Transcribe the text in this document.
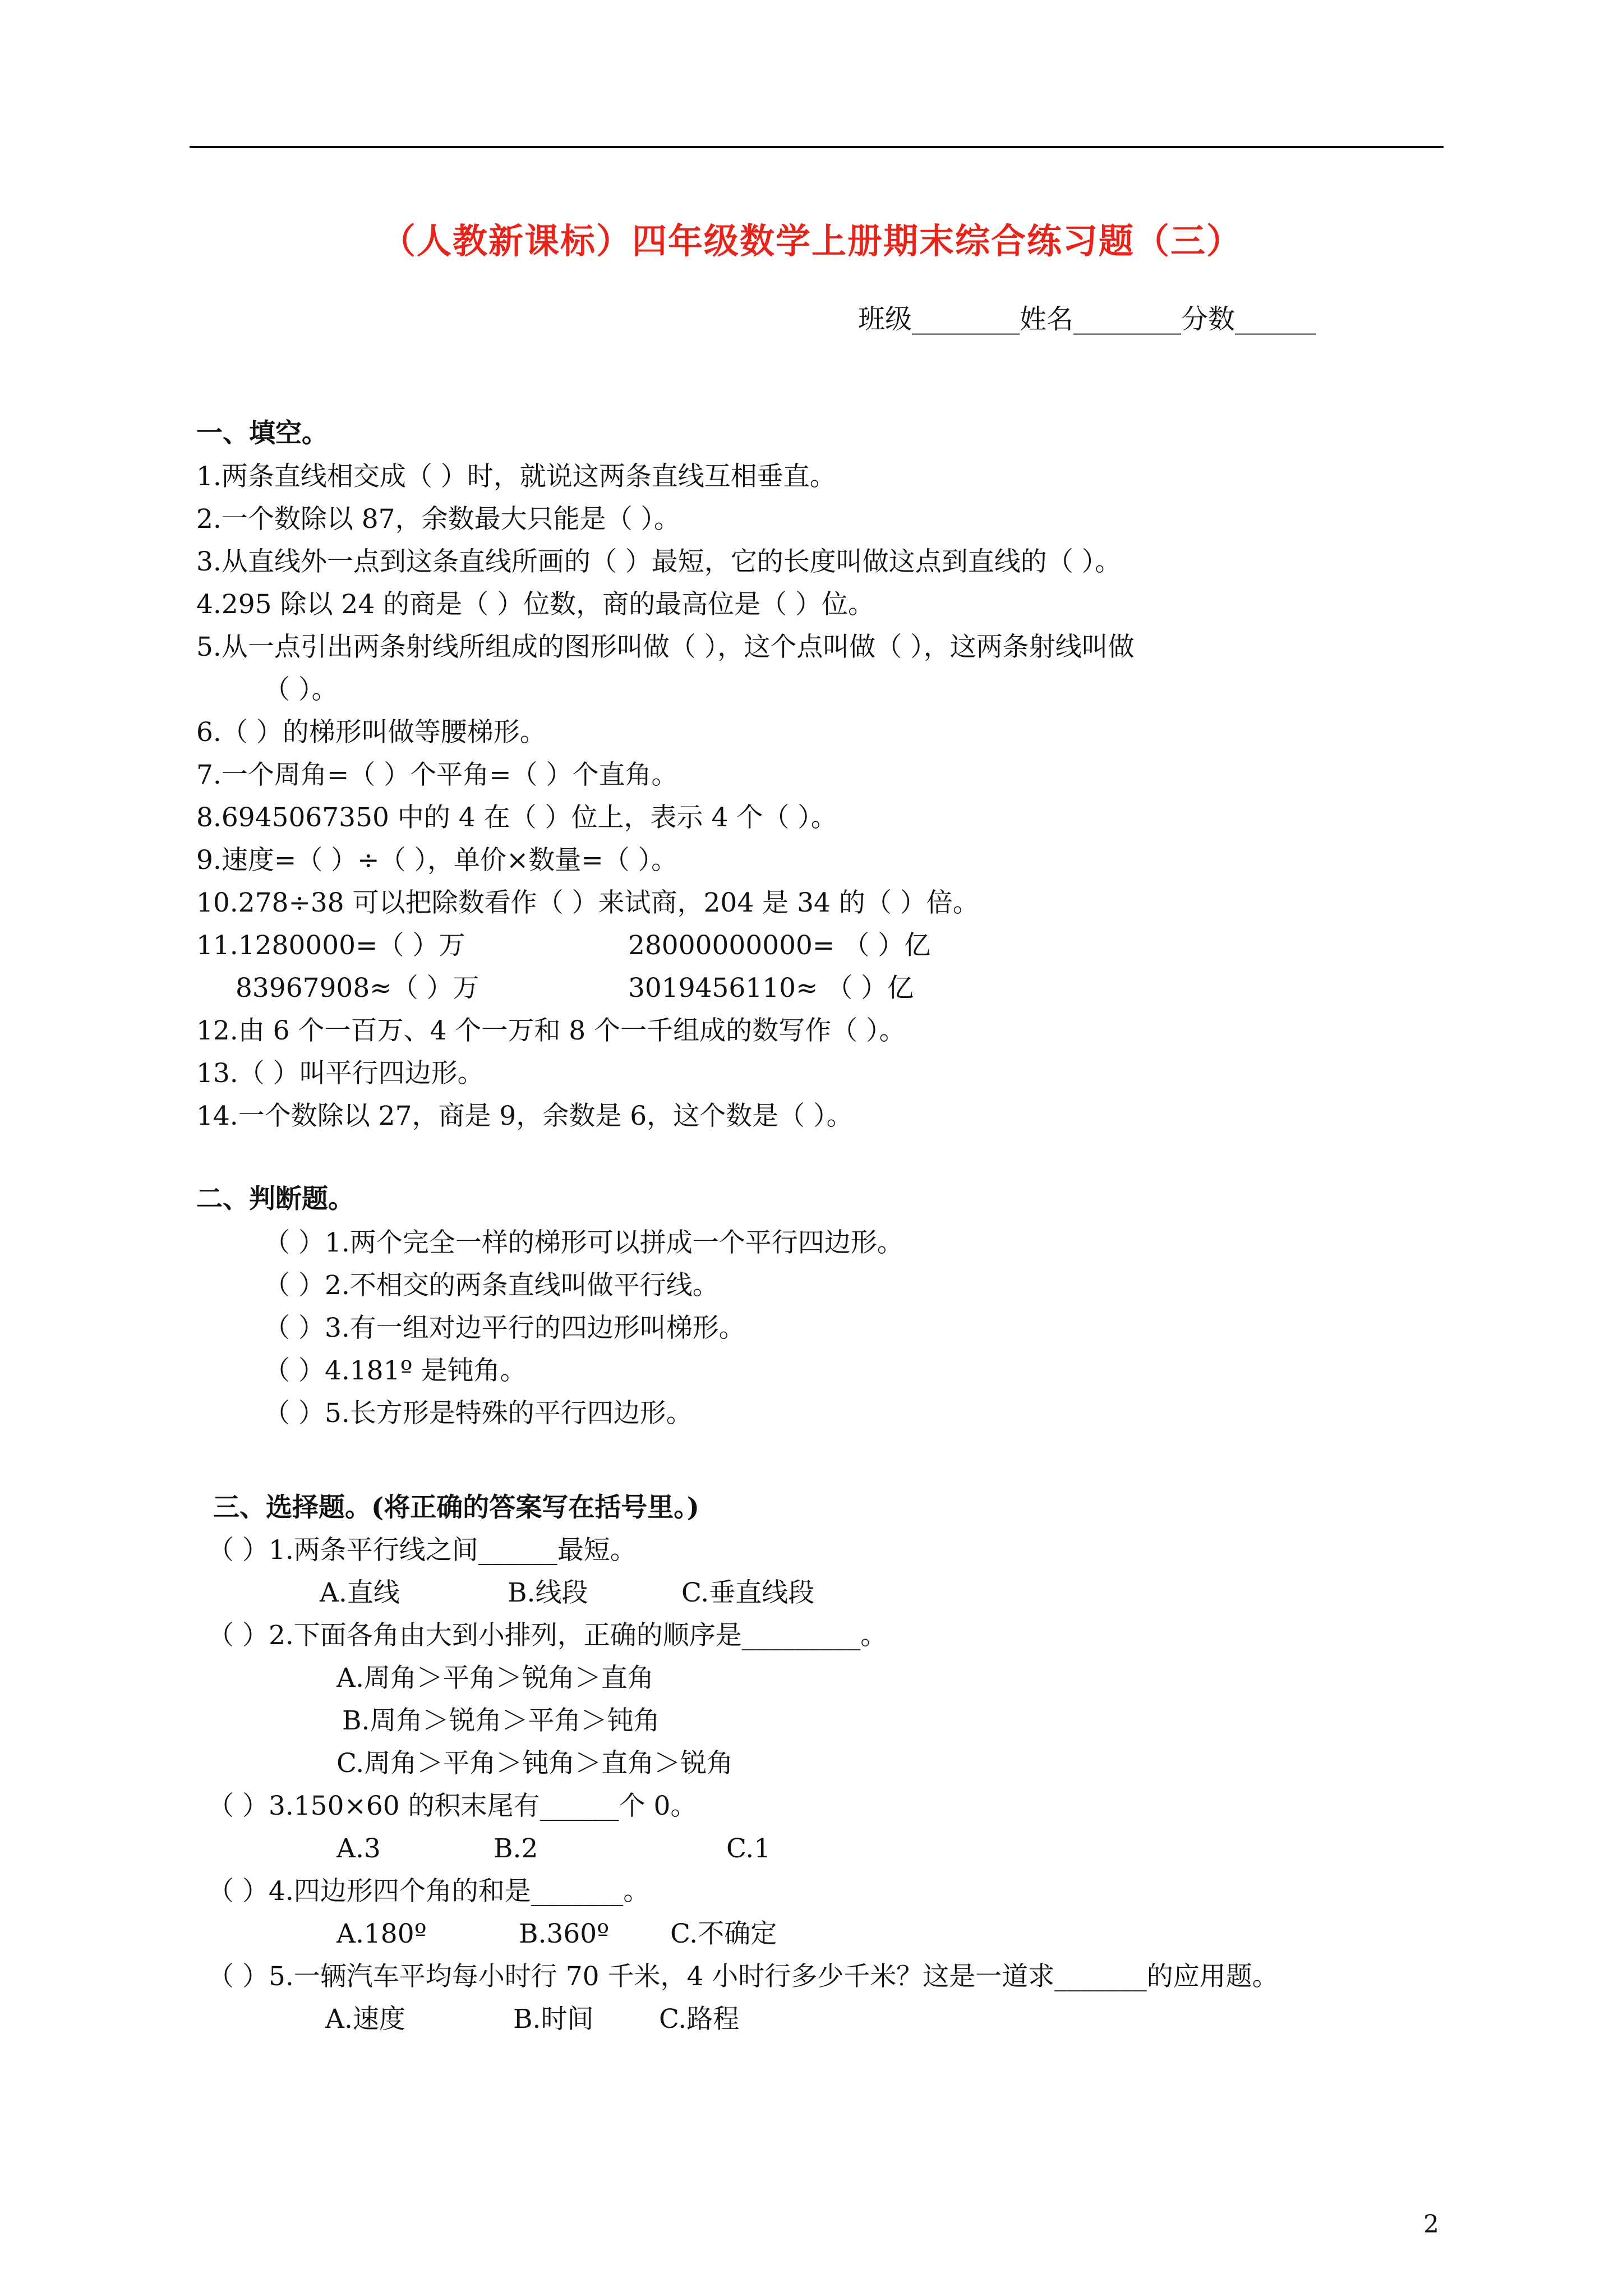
（人教新课标）四年级数学上册期末综合练习题（三）
班级________姓名________分数______
一、填空。
1.两条直线相交成（ ）时，就说这两条直线互相垂直。
2.一个数除以 87，余数最大只能是（ ）。
3.从直线外一点到这条直线所画的（ ）最短，它的长度叫做这点到直线的（ ）。
4.295 除以 24 的商是（ ）位数，商的最高位是（ ）位。
5.从一点引出两条射线所组成的图形叫做（ ），这个点叫做（ ），这两条射线叫做
（ ）。
6.（ ）的梯形叫做等腰梯形。
7.一个周角=（ ）个平角=（ ）个直角。
8.6945067350 中的 4 在（ ）位上，表示 4 个（ ）。
9.速度=（ ）÷（ ），单价×数量=（ ）。
10.278÷38 可以把除数看作（ ）来试商，204 是 34 的（ ）倍。
11.1280000=（ ）万	28000000000= （ ）亿
83967908≈（ ）万	3019456110≈ （ ）亿
12.由 6 个一百万、4 个一万和 8 个一千组成的数写作（ ）。
13.（ ）叫平行四边形。
14.一个数除以 27，商是 9，余数是 6，这个数是（ ）。
二、判断题。
（ ）1.两个完全一样的梯形可以拼成一个平行四边形。
（ ）2.不相交的两条直线叫做平行线。
（ ）3.有一组对边平行的四边形叫梯形。
（ ）4.181º 是钝角。
（ ）5.长方形是特殊的平行四边形。
三、选择题。(将正确的答案写在括号里。)
（ ）1.两条平行线之间______最短。
A.直线	B.线段	C.垂直线段
（ ）2.下面各角由大到小排列，正确的顺序是_________。
A.周角＞平角＞锐角＞直角
B.周角＞锐角＞平角＞钝角
C.周角＞平角＞钝角＞直角＞锐角
（ ）3.150×60 的积末尾有______个 0。
A.3	B.2	C.1
（ ）4.四边形四个角的和是_______。
A.180º	B.360º C.不确定
（ ）5.一辆汽车平均每小时行 70 千米，4 小时行多少千米？这是一道求_______的应用题。
A.速度	B.时间 C.路程
2
